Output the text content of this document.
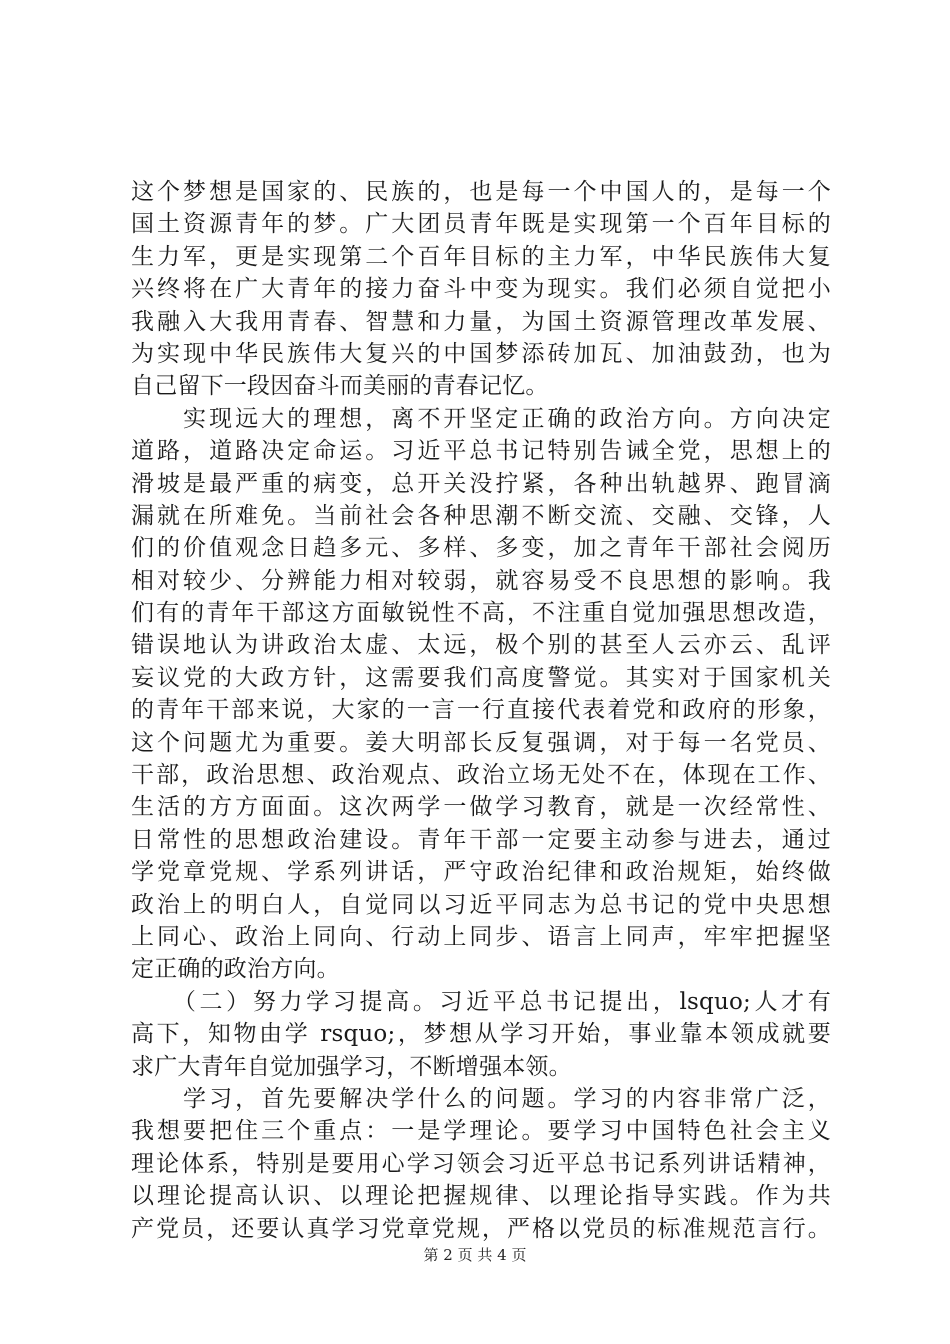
这个梦想是国家的、民族的，也是每一个中国人的，是每一个
国土资源青年的梦。广大团员青年既是实现第一个百年目标的
生力军，更是实现第二个百年目标的主力军，中华民族伟大复
兴终将在广大青年的接力奋斗中变为现实。我们必须自觉把小
我融入大我用青春、智慧和力量，为国土资源管理改革发展、
为实现中华民族伟大复兴的中国梦添砖加瓦、加油鼓劲，也为
自己留下一段因奋斗而美丽的青春记忆。
　　实现远大的理想，离不开坚定正确的政治方向。方向决定
道路，道路决定命运。习近平总书记特别告诫全党，思想上的
滑坡是最严重的病变，总开关没拧紧，各种出轨越界、跑冒滴
漏就在所难免。当前社会各种思潮不断交流、交融、交锋，人
们的价值观念日趋多元、多样、多变，加之青年干部社会阅历
相对较少、分辨能力相对较弱，就容易受不良思想的影响。我
们有的青年干部这方面敏锐性不高，不注重自觉加强思想改造，
错误地认为讲政治太虚、太远，极个别的甚至人云亦云、乱评
妄议党的大政方针，这需要我们高度警觉。其实对于国家机关
的青年干部来说，大家的一言一行直接代表着党和政府的形象，
这个问题尤为重要。姜大明部长反复强调，对于每一名党员、
干部，政治思想、政治观点、政治立场无处不在，体现在工作、
生活的方方面面。这次两学一做学习教育，就是一次经常性、
日常性的思想政治建设。青年干部一定要主动参与进去，通过
学党章党规、学系列讲话，严守政治纪律和政治规矩，始终做
政治上的明白人，自觉同以习近平同志为总书记的党中央思想
上同心、政治上同向、行动上同步、语言上同声，牢牢把握坚
定正确的政治方向。
　　（二）努力学习提高。习近平总书记提出，lsquo;人才有
高下，知物由学 rsquo;，梦想从学习开始，事业靠本领成就要
求广大青年自觉加强学习，不断增强本领。
　　学习，首先要解决学什么的问题。学习的内容非常广泛，
我想要把住三个重点：一是学理论。要学习中国特色社会主义
理论体系，特别是要用心学习领会习近平总书记系列讲话精神，
以理论提高认识、以理论把握规律、以理论指导实践。作为共
产党员，还要认真学习党章党规，严格以党员的标准规范言行。
第 2 页 共 4 页
